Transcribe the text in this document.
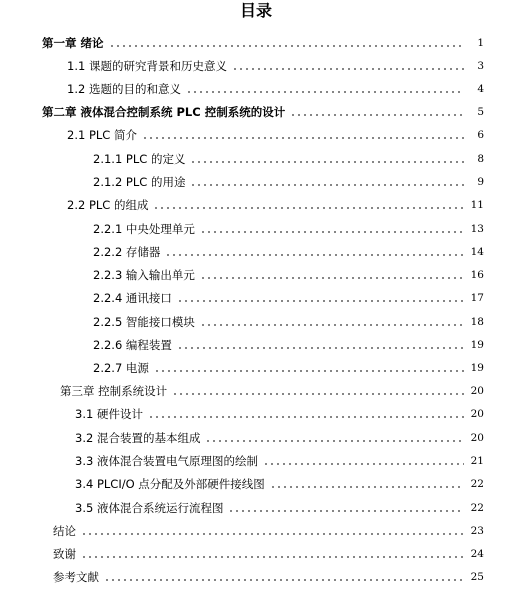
目录
第一章 绪论	1
1.1 课题的研究背景和历史意义	3
1.2 选题的目的和意义	4
第二章 液体混合控制系统 PLC 控制系统的设计	5
2.1 PLC 简介	6
2.1.1 PLC 的定义	8
2.1.2 PLC 的用途	9
2.2 PLC 的组成	11
2.2.1 中央处理单元	13
2.2.2 存储器	14
2.2.3 输入输出单元	16
2.2.4 通讯接口	17
2.2.5 智能接口模块	18
2.2.6 编程装置	19
2.2.7 电源	19
第三章 控制系统设计	20
3.1 硬件设计	20
3.2 混合装置的基本组成	20
3.3 液体混合装置电气原理图的绘制	21
3.4 PLCI/O 点分配及外部硬件接线图	22
3.5 液体混合系统运行流程图	22
结论	23
致谢	24
参考文献	25
